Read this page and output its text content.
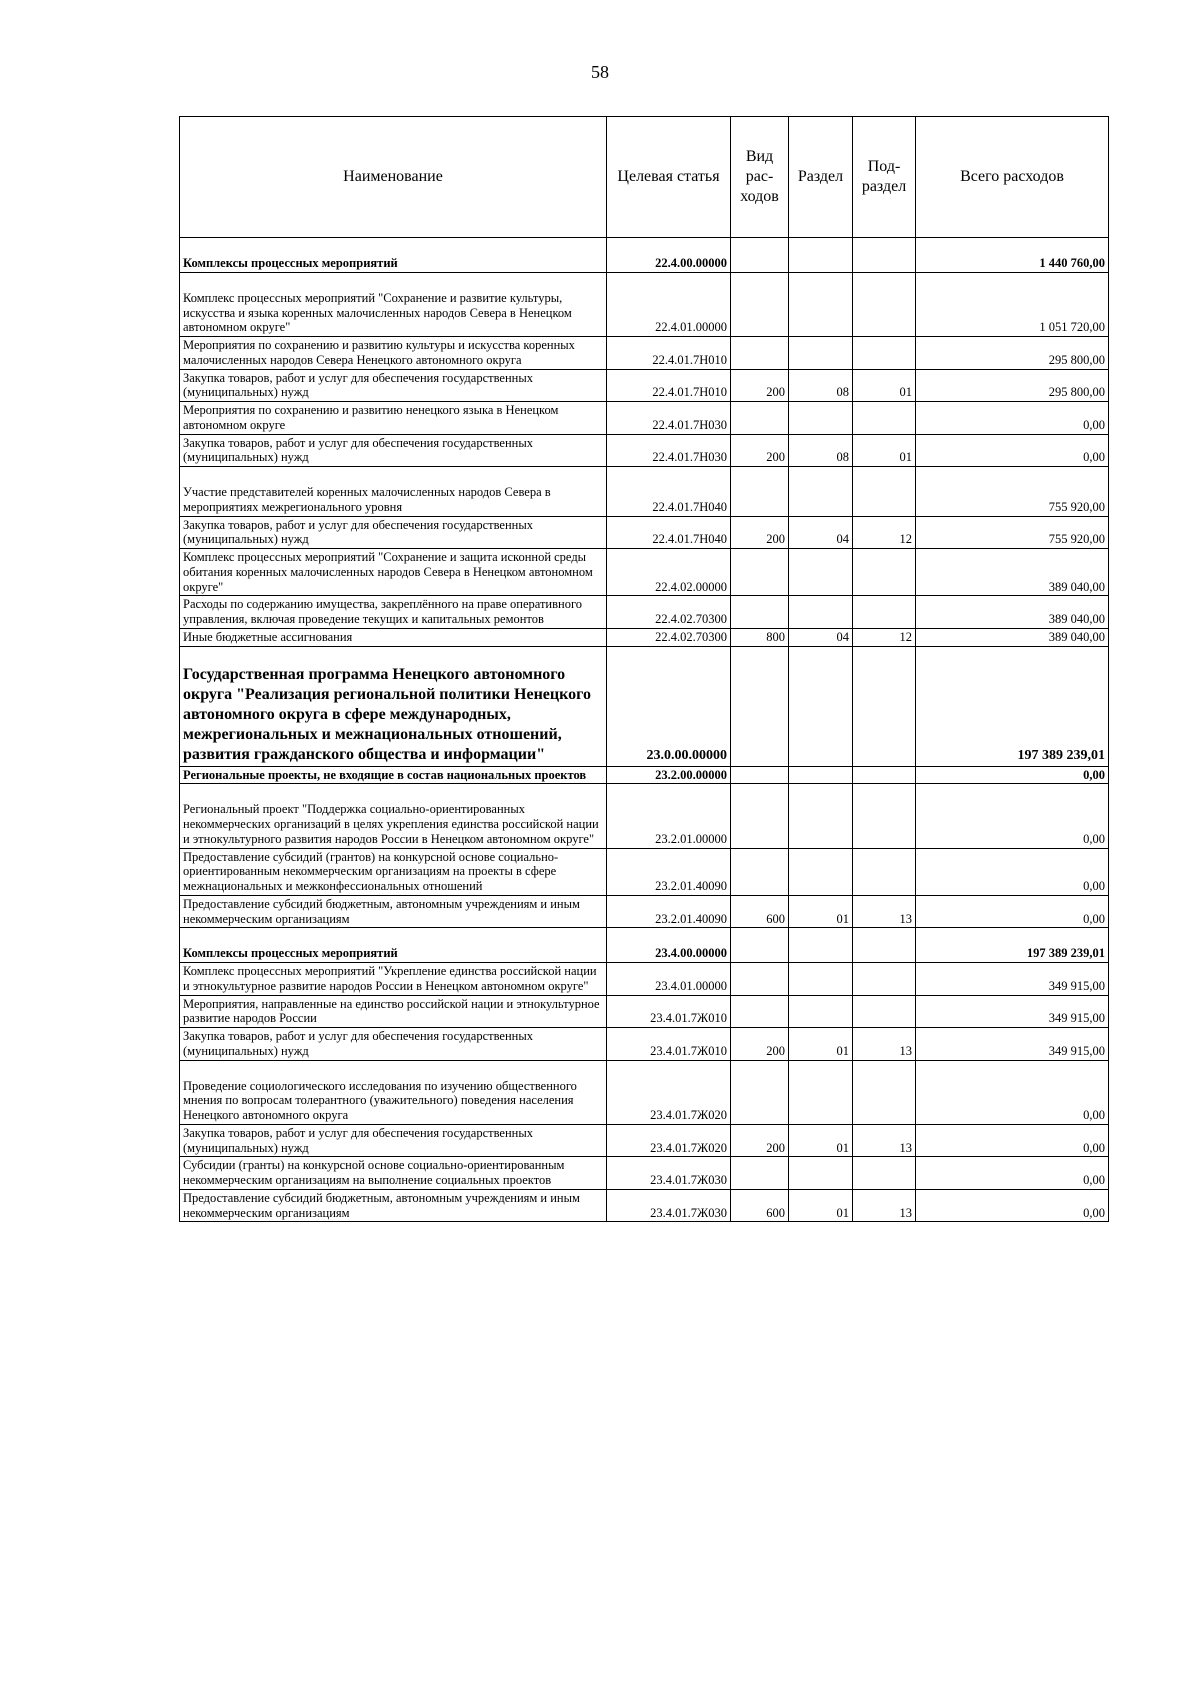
58
Наименование	Целевая статья	Вид рас-ходов	Раздел	Под-раздел	Всего расходов
Комплексы процессных мероприятий	22.4.00.00000				1 440 760,00
Комплекс процессных мероприятий "Сохранение и развитие культуры, искусства и языка коренных малочисленных народов Севера в Ненецком автономном округе"	22.4.01.00000				1 051 720,00
Мероприятия по сохранению и развитию культуры и искусства коренных малочисленных народов Севера Ненецкого автономного округа	22.4.01.7Н010				295 800,00
Закупка товаров, работ и услуг для обеспечения государственных (муниципальных) нужд	22.4.01.7Н010	200	08	01	295 800,00
Мероприятия по сохранению и развитию ненецкого языка в Ненецком автономном округе	22.4.01.7Н030				0,00
Закупка товаров, работ и услуг для обеспечения государственных (муниципальных) нужд	22.4.01.7Н030	200	08	01	0,00
Участие представителей коренных малочисленных народов Севера в мероприятиях межрегионального уровня	22.4.01.7Н040				755 920,00
Закупка товаров, работ и услуг для обеспечения государственных (муниципальных) нужд	22.4.01.7Н040	200	04	12	755 920,00
Комплекс процессных мероприятий "Сохранение и защита исконной среды обитания коренных малочисленных народов Севера в Ненецком автономном округе"	22.4.02.00000				389 040,00
Расходы по содержанию имущества, закреплённого на праве оперативного управления, включая проведение текущих и капитальных ремонтов	22.4.02.70300				389 040,00
Иные бюджетные ассигнования	22.4.02.70300	800	04	12	389 040,00
Государственная программа Ненецкого автономного округа "Реализация региональной политики Ненецкого автономного округа в сфере международных, межрегиональных и межнациональных отношений, развития гражданского общества и информации"	23.0.00.00000				197 389 239,01
Региональные проекты, не входящие в состав национальных проектов	23.2.00.00000				0,00
Региональный проект "Поддержка социально-ориентированных некоммерческих организаций в целях укрепления единства российской нации и этнокультурного развития народов России в Ненецком автономном округе"	23.2.01.00000				0,00
Предоставление субсидий (грантов) на конкурсной основе социально-ориентированным некоммерческим организациям на проекты в сфере межнациональных и межконфессиональных отношений	23.2.01.40090				0,00
Предоставление субсидий бюджетным, автономным учреждениям и иным некоммерческим организациям	23.2.01.40090	600	01	13	0,00
Комплексы процессных мероприятий	23.4.00.00000				197 389 239,01
Комплекс процессных мероприятий "Укрепление единства российской нации и этнокультурное развитие народов России в Ненецком автономном округе"	23.4.01.00000				349 915,00
Мероприятия, направленные на единство российской нации и этнокультурное развитие народов России	23.4.01.7Ж010				349 915,00
Закупка товаров, работ и услуг для обеспечения государственных (муниципальных) нужд	23.4.01.7Ж010	200	01	13	349 915,00
Проведение социологического исследования по изучению общественного мнения по вопросам толерантного (уважительного) поведения населения Ненецкого автономного округа	23.4.01.7Ж020				0,00
Закупка товаров, работ и услуг для обеспечения государственных (муниципальных) нужд	23.4.01.7Ж020	200	01	13	0,00
Субсидии (гранты) на конкурсной основе социально-ориентированным некоммерческим организациям на выполнение социальных проектов	23.4.01.7Ж030				0,00
Предоставление субсидий бюджетным, автономным учреждениям и иным некоммерческим организациям	23.4.01.7Ж030	600	01	13	0,00
